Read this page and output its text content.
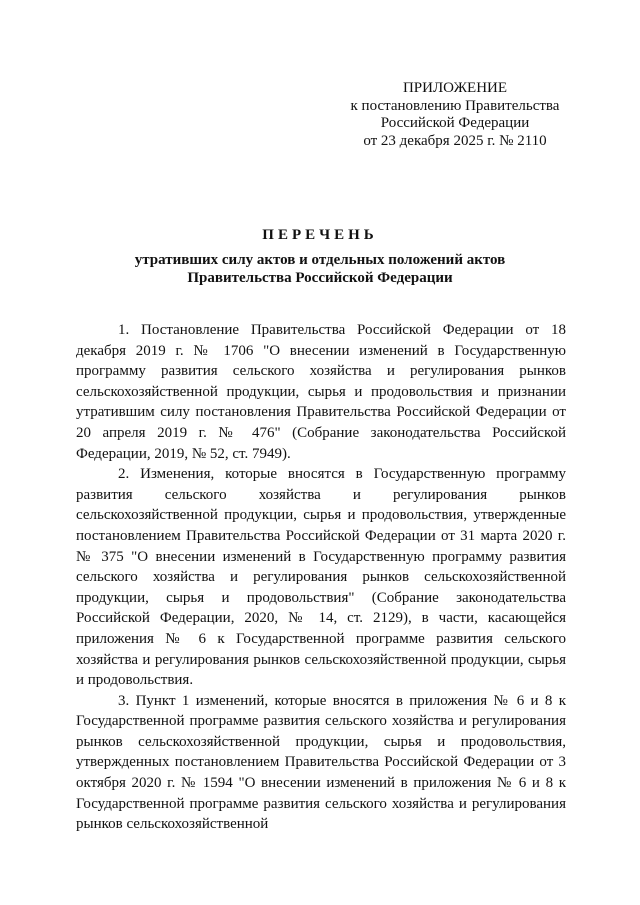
ПРИЛОЖЕНИЕ
к постановлению Правительства
Российской Федерации
от 23 декабря 2025 г. № 2110
ПЕРЕЧЕНЬ
утративших силу актов и отдельных положений актов
Правительства Российской Федерации

1. Постановление Правительства Российской Федерации от 18 декабря 2019 г. № 1706 "О внесении изменений в Государственную программу развития сельского хозяйства и регулирования рынков сельскохозяйственной продукции, сырья и продовольствия и признании утратившим силу постановления Правительства Российской Федерации от 20 апреля 2019 г. № 476" (Собрание законодательства Российской Федерации, 2019, № 52, ст. 7949).

2. Изменения, которые вносятся в Государственную программу развития сельского хозяйства и регулирования рынков сельскохозяйственной продукции, сырья и продовольствия, утвержденные постановлением Правительства Российской Федерации от 31 марта 2020 г. № 375 "О внесении изменений в Государственную программу развития сельского хозяйства и регулирования рынков сельскохозяйственной продукции, сырья и продовольствия" (Собрание законодательства Российской Федерации, 2020, № 14, ст. 2129), в части, касающейся приложения № 6 к Государственной программе развития сельского хозяйства и регулирования рынков сельскохозяйственной продукции, сырья и продовольствия.

3. Пункт 1 изменений, которые вносятся в приложения № 6 и 8 к Государственной программе развития сельского хозяйства и регулирования рынков сельскохозяйственной продукции, сырья и продовольствия, утвержденных постановлением Правительства Российской Федерации от 3 октября 2020 г. № 1594 "О внесении изменений в приложения № 6 и 8 к Государственной программе развития сельского хозяйства и регулирования рынков сельскохозяйственной
